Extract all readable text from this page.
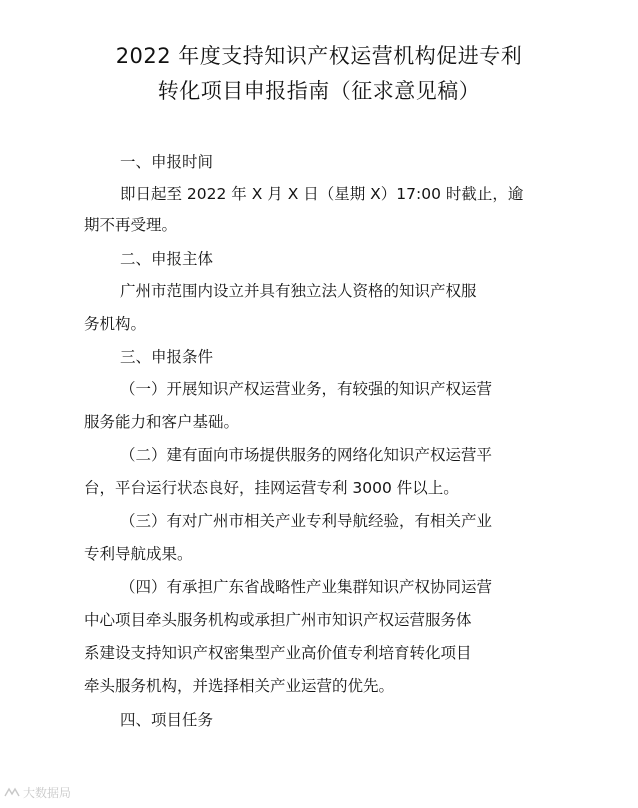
2022 年度支持知识产权运营机构促进专利
转化项目申报指南（征求意见稿）
一、申报时间
即日起至 2022 年 X 月 X 日（星期 X）17:00 时截止，逾
期不再受理。
二、申报主体
广州市范围内设立并具有独立法人资格的知识产权服
务机构。
三、申报条件
（一）开展知识产权运营业务，有较强的知识产权运营
服务能力和客户基础。
（二）建有面向市场提供服务的网络化知识产权运营平
台，平台运行状态良好，挂网运营专利 3000 件以上。
（三）有对广州市相关产业专利导航经验，有相关产业
专利导航成果。
（四）有承担广东省战略性产业集群知识产权协同运营
中心项目牵头服务机构或承担广州市知识产权运营服务体
系建设支持知识产权密集型产业高价值专利培育转化项目
牵头服务机构，并选择相关产业运营的优先。
四、项目任务
大数据局
